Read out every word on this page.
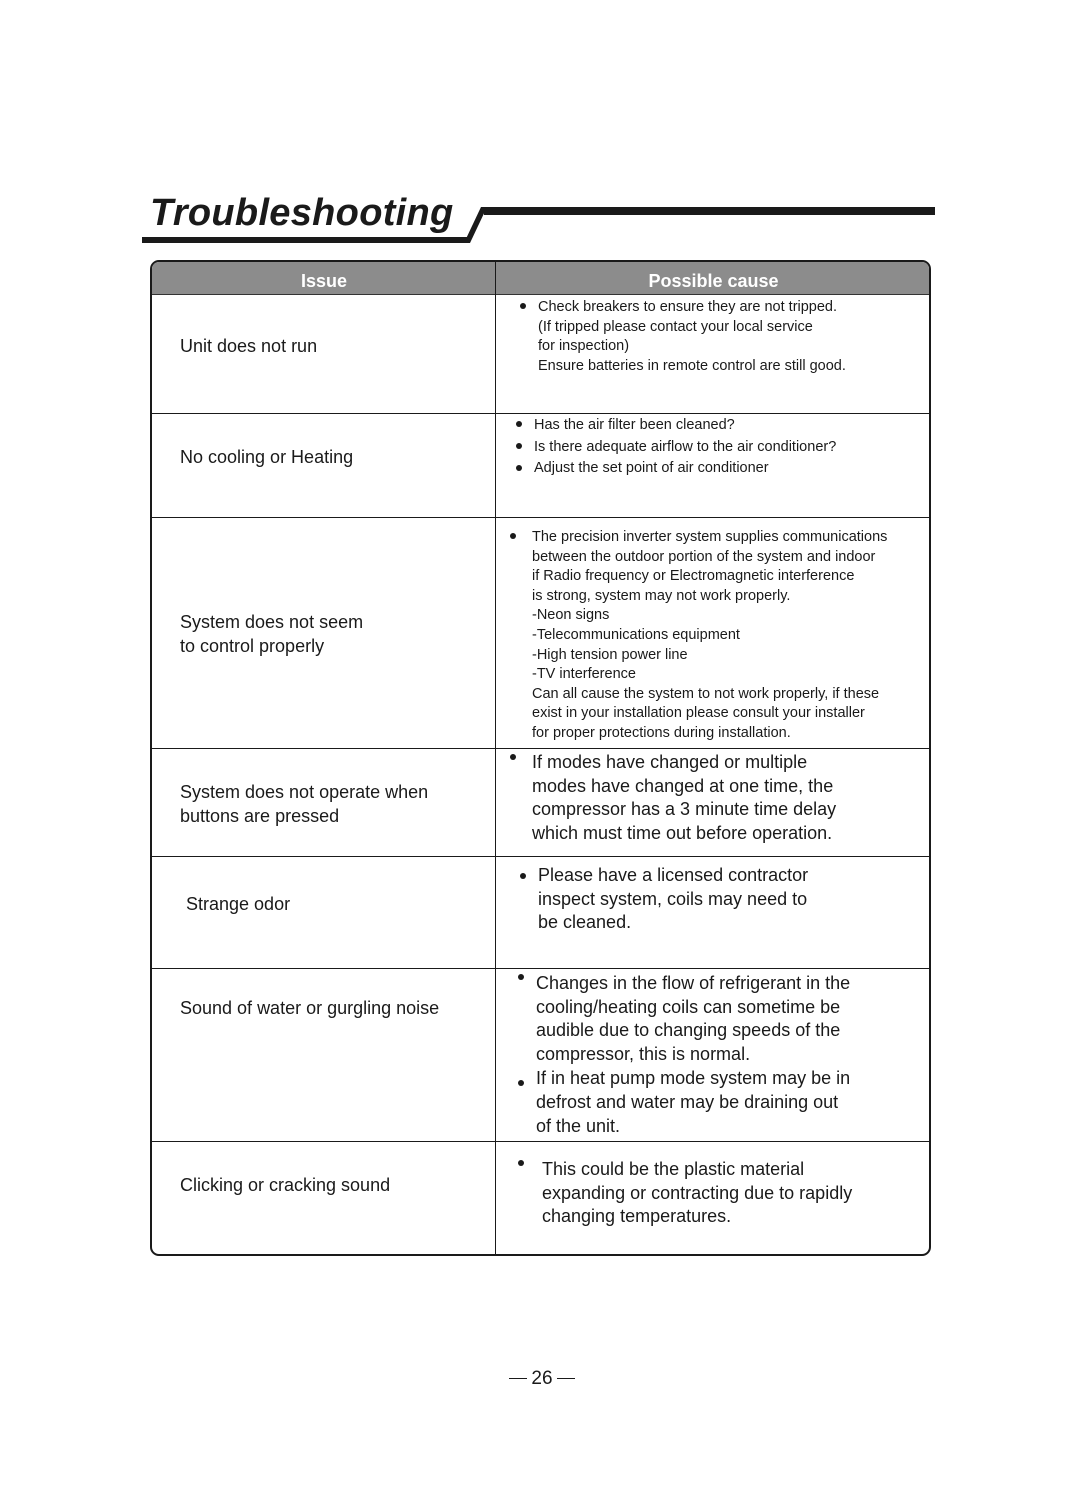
Troubleshooting
Issue	Possible cause
Unit does not run
Check breakers to ensure they are not tripped.
(If tripped please contact your local service
for inspection)
Ensure batteries in remote control are still good.
No cooling or Heating
Has the air filter been cleaned?
Is there adequate airflow to the air conditioner?
Adjust the set point of air conditioner
System does not seem
to control properly
The precision inverter system supplies communications
between the outdoor portion of the system and indoor
if Radio frequency or Electromagnetic interference
is strong, system may not work properly.
-Neon signs
-Telecommunications equipment
-High tension power line
-TV interference
Can all cause the system to not work properly, if these
exist in your installation please consult your installer
for proper protections during installation.
System does not operate when
buttons are pressed
If modes have changed or multiple
modes have changed at one time, the
compressor has a 3 minute time delay
which must time out before operation.
Strange odor
Please have a licensed contractor
inspect system, coils may need to
be cleaned.
Sound of water or gurgling noise
Changes in the flow of refrigerant in the
cooling/heating coils can sometime be
audible due to changing speeds of the
compressor, this is normal.
If in heat pump mode system may be in
defrost and water may be draining out
of the unit.
Clicking or cracking sound
This could be the plastic material
expanding or contracting due to rapidly
changing temperatures.
26
